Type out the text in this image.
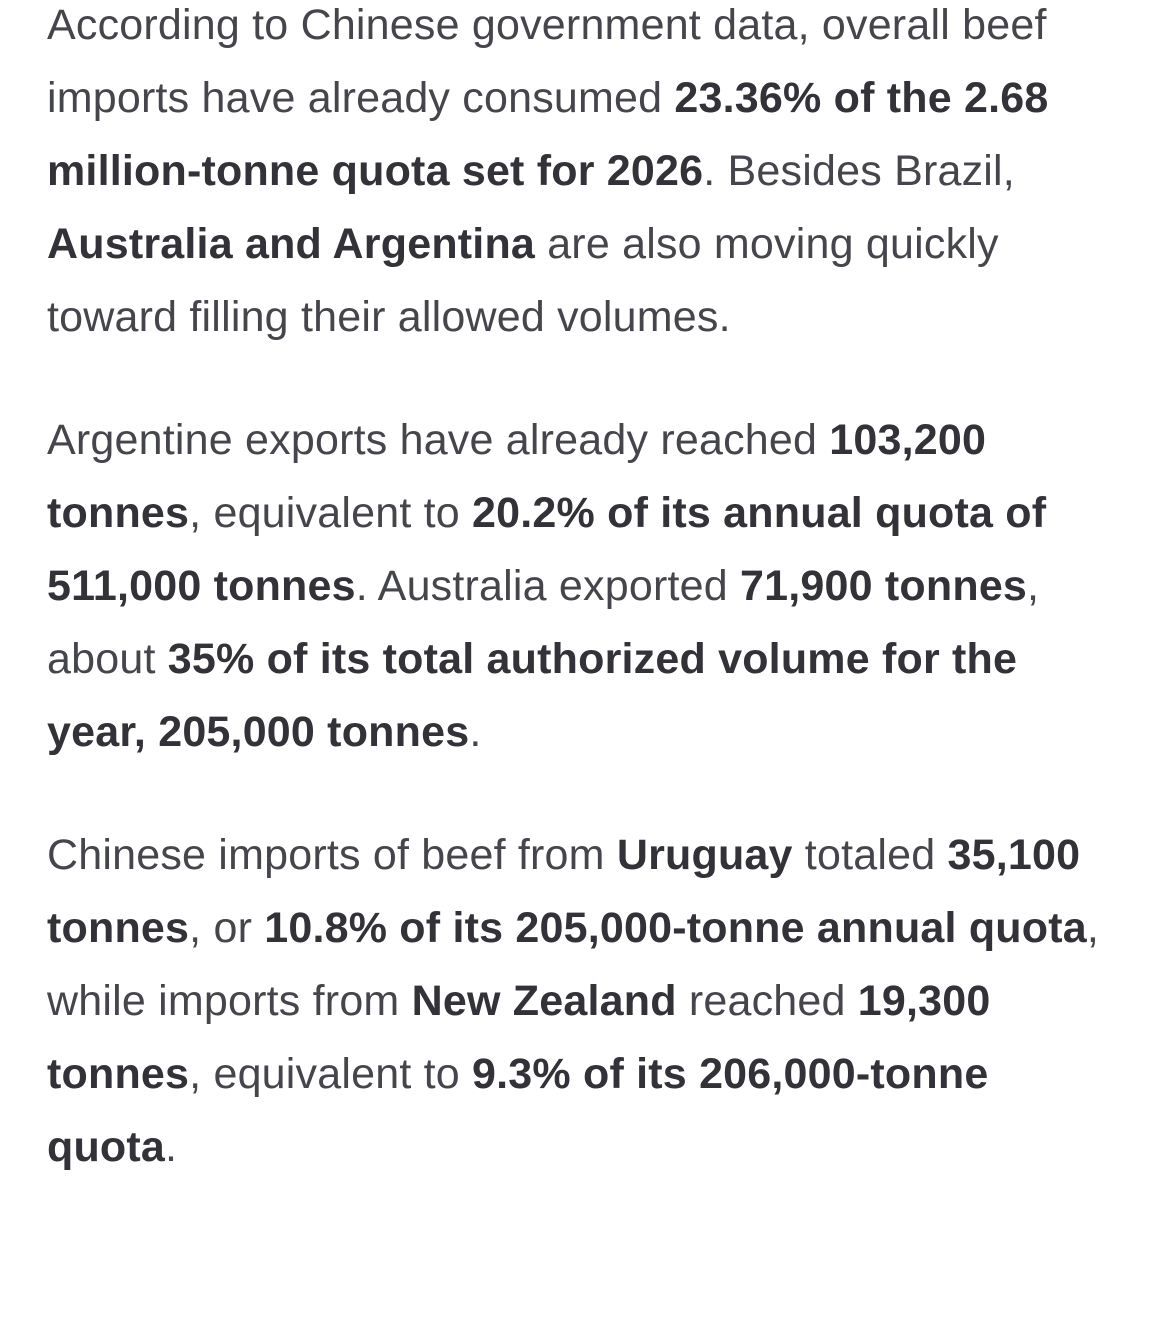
According to Chinese government data, overall beef imports have already consumed 23.36% of the 2.68 million-tonne quota set for 2026. Besides Brazil, Australia and Argentina are also moving quickly toward filling their allowed volumes.

Argentine exports have already reached 103,200 tonnes, equivalent to 20.2% of its annual quota of 511,000 tonnes. Australia exported 71,900 tonnes, about 35% of its total authorized volume for the year, 205,000 tonnes.

Chinese imports of beef from Uruguay totaled 35,100 tonnes, or 10.8% of its 205,000-tonne annual quota, while imports from New Zealand reached 19,300 tonnes, equivalent to 9.3% of its 206,000-tonne quota.
